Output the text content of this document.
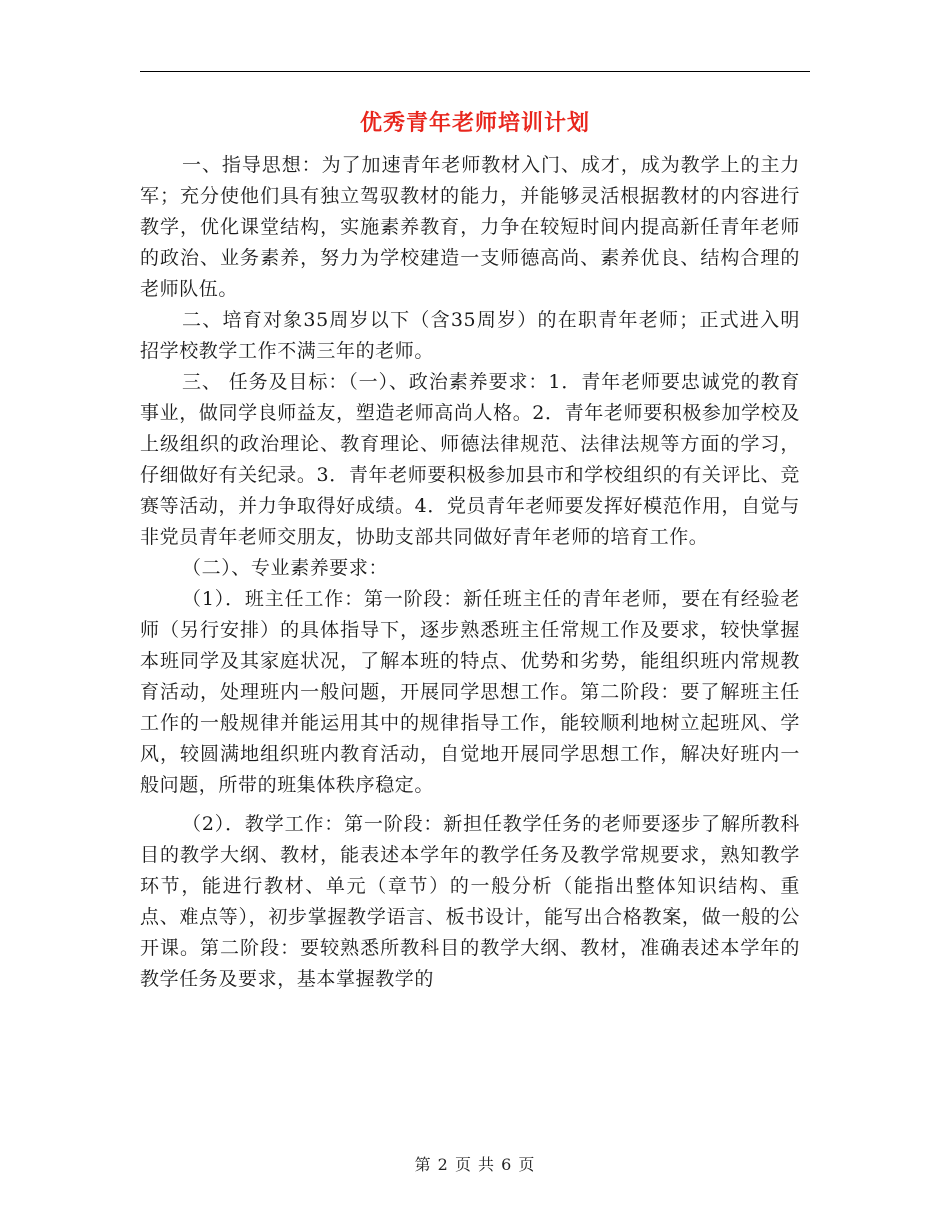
优秀青年老师培训计划

一、指导思想：为了加速青年老师教材入门、成才，成为教学上的主力军；充分使他们具有独立驾驭教材的能力，并能够灵活根据教材的内容进行教学，优化课堂结构，实施素养教育，力争在较短时间内提高新任青年老师的政治、业务素养，努力为学校建造一支师德高尚、素养优良、结构合理的老师队伍。

二、培育对象35周岁以下（含35周岁）的在职青年老师；正式进入明招学校教学工作不满三年的老师。

三、 任务及目标：（一）、政治素养要求：1．青年老师要忠诚党的教育事业，做同学良师益友，塑造老师高尚人格。2．青年老师要积极参加学校及上级组织的政治理论、教育理论、师德法律规范、法律法规等方面的学习，仔细做好有关纪录。3．青年老师要积极参加县市和学校组织的有关评比、竞赛等活动，并力争取得好成绩。4．党员青年老师要发挥好模范作用，自觉与非党员青年老师交朋友，协助支部共同做好青年老师的培育工作。

（二）、专业素养要求：

（1）．班主任工作：第一阶段：新任班主任的青年老师，要在有经验老师（另行安排）的具体指导下，逐步熟悉班主任常规工作及要求，较快掌握本班同学及其家庭状况，了解本班的特点、优势和劣势，能组织班内常规教育活动，处理班内一般问题，开展同学思想工作。第二阶段：要了解班主任工作的一般规律并能运用其中的规律指导工作，能较顺利地树立起班风、学风，较圆满地组织班内教育活动，自觉地开展同学思想工作，解决好班内一般问题，所带的班集体秩序稳定。

（2）．教学工作：第一阶段：新担任教学任务的老师要逐步了解所教科目的教学大纲、教材，能表述本学年的教学任务及教学常规要求，熟知教学环节，能进行教材、单元（章节）的一般分析（能指出整体知识结构、重点、难点等），初步掌握教学语言、板书设计，能写出合格教案，做一般的公开课。第二阶段：要较熟悉所教科目的教学大纲、教材，准确表述本学年的教学任务及要求，基本掌握教学的

第 2 页 共 6 页
